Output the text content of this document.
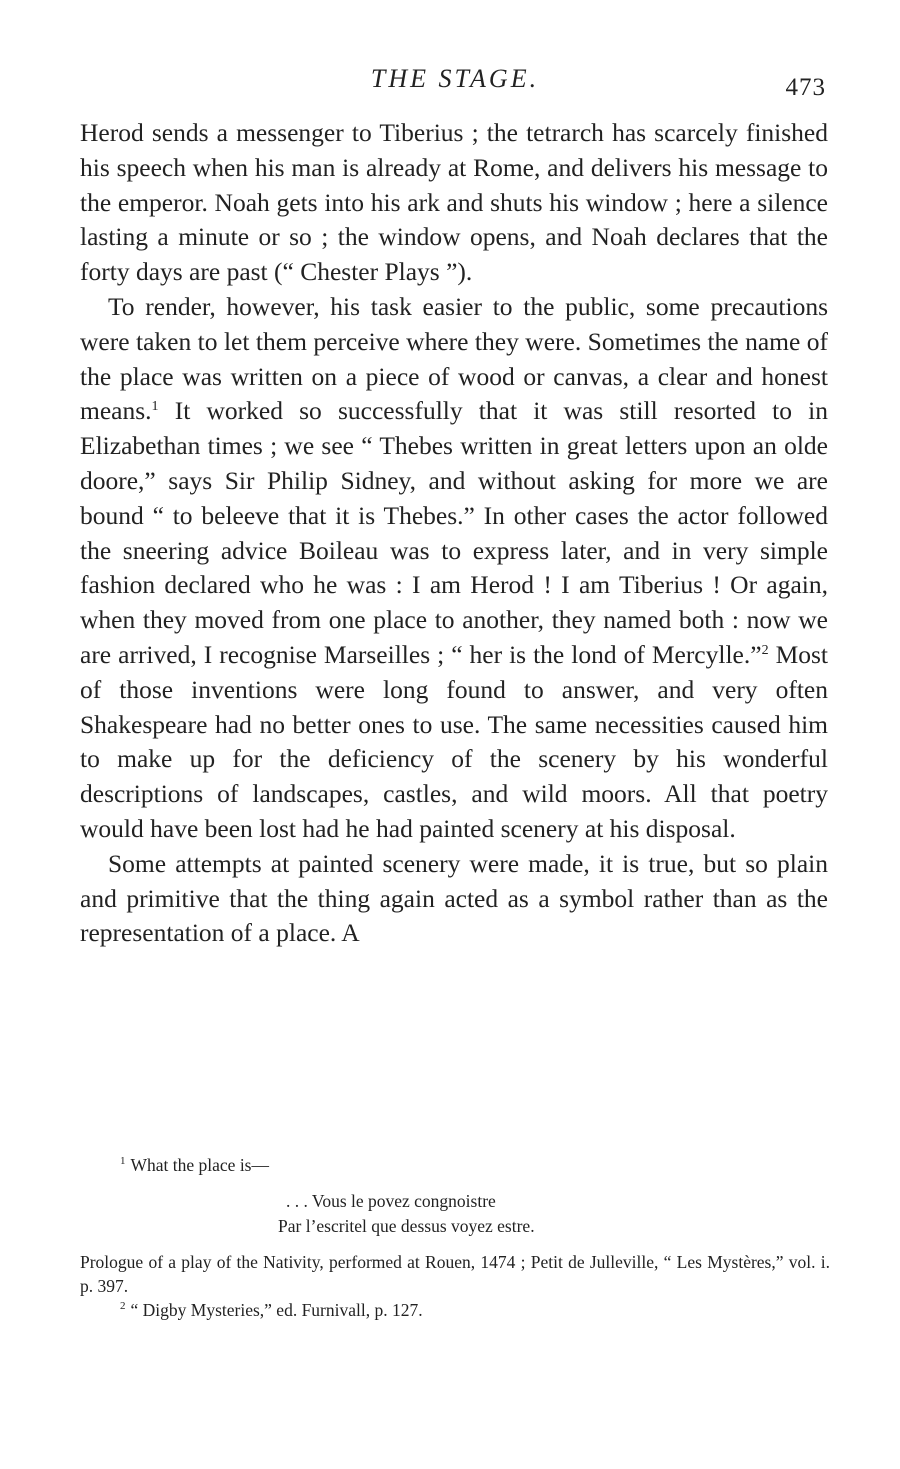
THE STAGE.	473

Herod sends a messenger to Tiberius ; the tetrarch has scarcely finished his speech when his man is already at Rome, and delivers his message to the emperor. Noah gets into his ark and shuts his window ; here a silence lasting a minute or so ; the window opens, and Noah declares that the forty days are past (“ Chester Plays ”).

To render, however, his task easier to the public, some precautions were taken to let them perceive where they were. Sometimes the name of the place was written on a piece of wood or canvas, a clear and honest means.$^1$ It worked so successfully that it was still resorted to in Elizabethan times ; we see “ Thebes written in great letters upon an olde doore,” says Sir Philip Sidney, and without asking for more we are bound “ to beleeve that it is Thebes.” In other cases the actor followed the sneering advice Boileau was to express later, and in very simple fashion declared who he was : I am Herod ! I am Tiberius ! Or again, when they moved from one place to another, they named both : now we are arrived, I recognise Marseilles ; “ her is the lond of Mercylle.”$^2$ Most of those inventions were long found to answer, and very often Shakespeare had no better ones to use. The same necessities caused him to make up for the deficiency of the scenery by his wonderful descriptions of landscapes, castles, and wild moors. All that poetry would have been lost had he had painted scenery at his disposal.

Some attempts at painted scenery were made, it is true, but so plain and primitive that the thing again acted as a symbol rather than as the representation of a place. A

$^1$ What the place is—

. . . Vous le povez congnoistre
Par l’escritel que dessus voyez estre.

Prologue of a play of the Nativity, performed at Rouen, 1474 ; Petit de Julleville, “ Les Mystères,” vol. i. p. 397.

$^2$ “ Digby Mysteries,” ed. Furnivall, p. 127.
